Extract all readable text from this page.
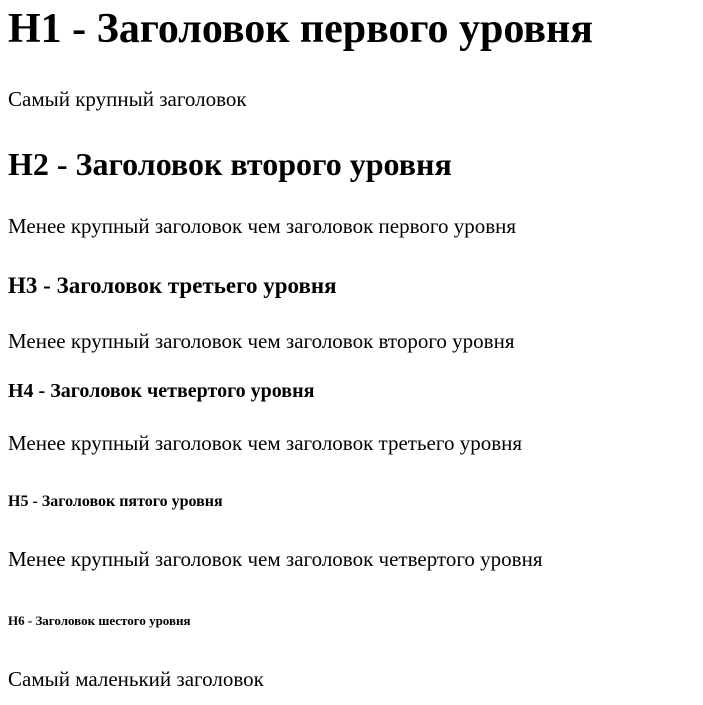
H1 - Заголовок первого уровня

Самый крупный заголовок

H2 - Заголовок второго уровня

Менее крупный заголовок чем заголовок первого уровня

H3 - Заголовок третьего уровня

Менее крупный заголовок чем заголовок второго уровня

H4 - Заголовок четвертого уровня

Менее крупный заголовок чем заголовок третьего уровня

H5 - Заголовок пятого уровня

Менее крупный заголовок чем заголовок четвертого уровня

H6 - Заголовок шестого уровня

Самый маленький заголовок
